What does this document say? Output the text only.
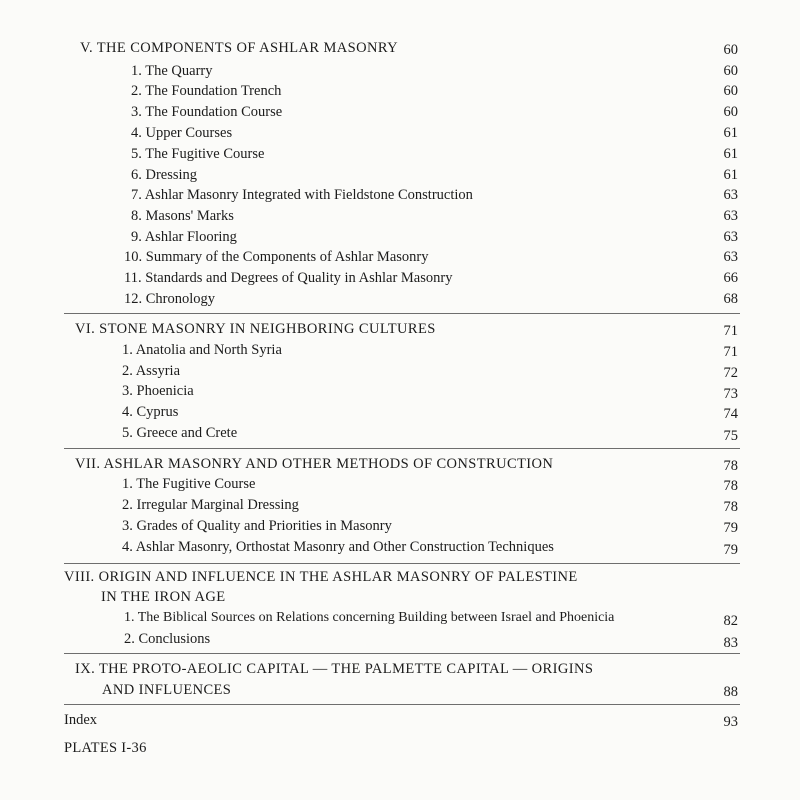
V. THE COMPONENTS OF ASHLAR MASONRY	60
1. The Quarry	60
2. The Foundation Trench	60
3. The Foundation Course	60
4. Upper Courses	61
5. The Fugitive Course	61
6. Dressing	61
7. Ashlar Masonry Integrated with Fieldstone Construction	63
8. Masons' Marks	63
9. Ashlar Flooring	63
10. Summary of the Components of Ashlar Masonry	63
11. Standards and Degrees of Quality in Ashlar Masonry	66
12. Chronology	68
VI. STONE MASONRY IN NEIGHBORING CULTURES	71
1. Anatolia and North Syria	71
2. Assyria	72
3. Phoenicia	73
4. Cyprus	74
5. Greece and Crete	75
VII. ASHLAR MASONRY AND OTHER METHODS OF CONSTRUCTION	78
1. The Fugitive Course	78
2. Irregular Marginal Dressing	78
3. Grades of Quality and Priorities in Masonry	79
4. Ashlar Masonry, Orthostat Masonry and Other Construction Techniques	79
VIII. ORIGIN AND INFLUENCE IN THE ASHLAR MASONRY OF PALESTINE
IN THE IRON AGE
1. The Biblical Sources on Relations concerning Building between Israel and Phoenicia	82
2. Conclusions	83
IX. THE PROTO-AEOLIC CAPITAL — THE PALMETTE CAPITAL — ORIGINS
AND INFLUENCES	88
Index	93
PLATES I-36
